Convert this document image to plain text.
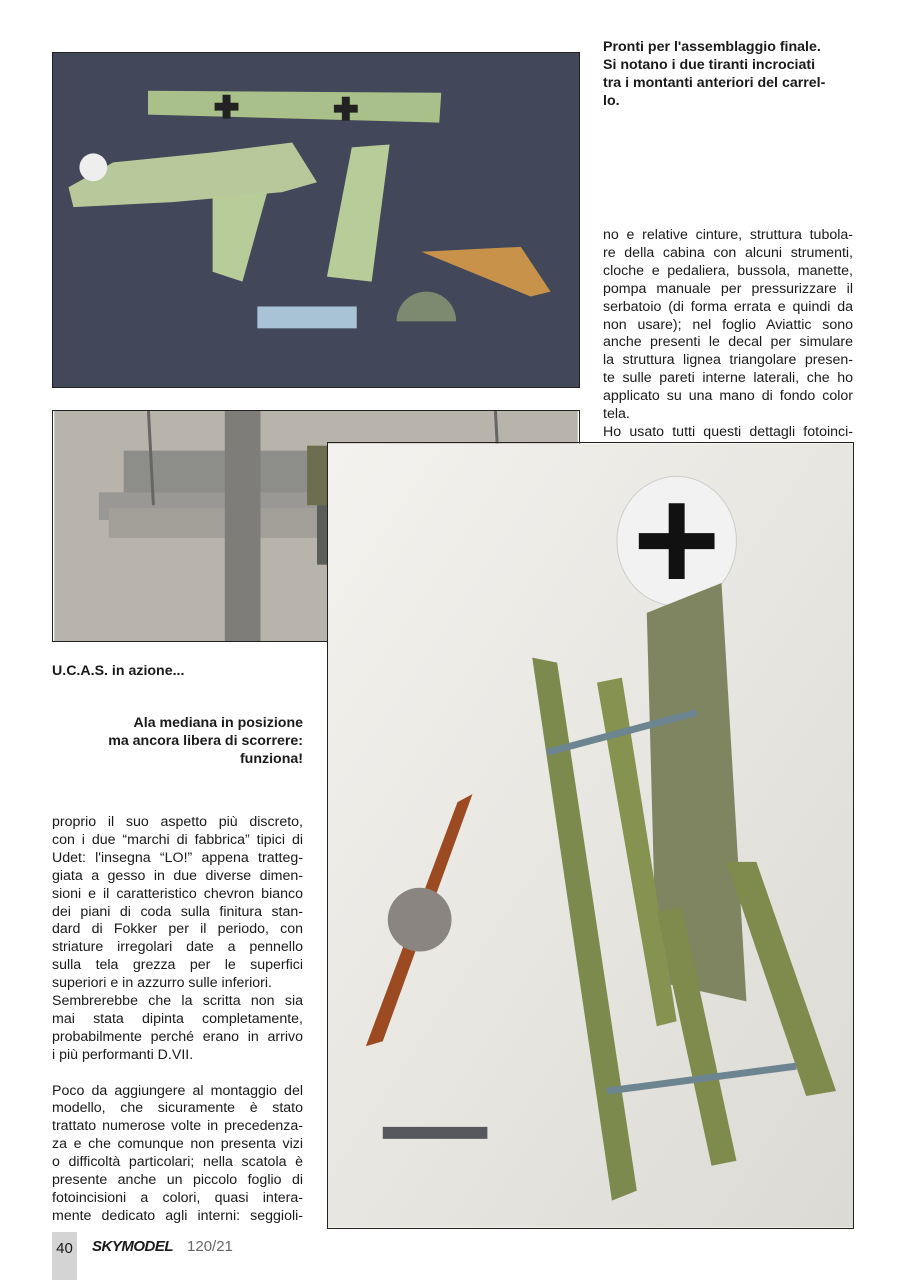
Pronti per l'assemblaggio finale.
Si notano i due tiranti incrociati
tra i montanti anteriori del carrel-
lo.
no e relative cinture, struttura tubola-
re della cabina con alcuni strumenti,
cloche e pedaliera, bussola, manette,
pompa manuale per pressurizzare il
serbatoio (di forma errata e quindi da
non usare); nel foglio Aviattic sono
anche presenti le decal per simulare
la struttura lignea triangolare presen-
te sulle pareti interne laterali, che ho
applicato su una mano di fondo color
tela.
Ho usato tutti questi dettagli fotoinci-
U.C.A.S. in azione...
Ala mediana in posizione
ma ancora libera di scorrere:
funziona!
proprio il suo aspetto più discreto,
con i due “marchi di fabbrica” tipici di
Udet: l'insegna “LO!” appena tratteg-
giata a gesso in due diverse dimen-
sioni e il caratteristico chevron bianco
dei piani di coda sulla finitura stan-
dard di Fokker per il periodo, con
striature irregolari date a pennello
sulla tela grezza per le superfici
superiori e in azzurro sulle inferiori.
Sembrerebbe che la scritta non sia
mai stata dipinta completamente,
probabilmente perché erano in arrivo
i più performanti D.VII.
Poco da aggiungere al montaggio del
modello, che sicuramente è stato
trattato numerose volte in precedenza-
za e che comunque non presenta vizi
o difficoltà particolari; nella scatola è
presente anche un piccolo foglio di
fotoincisioni a colori, quasi intera-
mente dedicato agli interni: seggioli-
40 SKYMODEL 120/21
